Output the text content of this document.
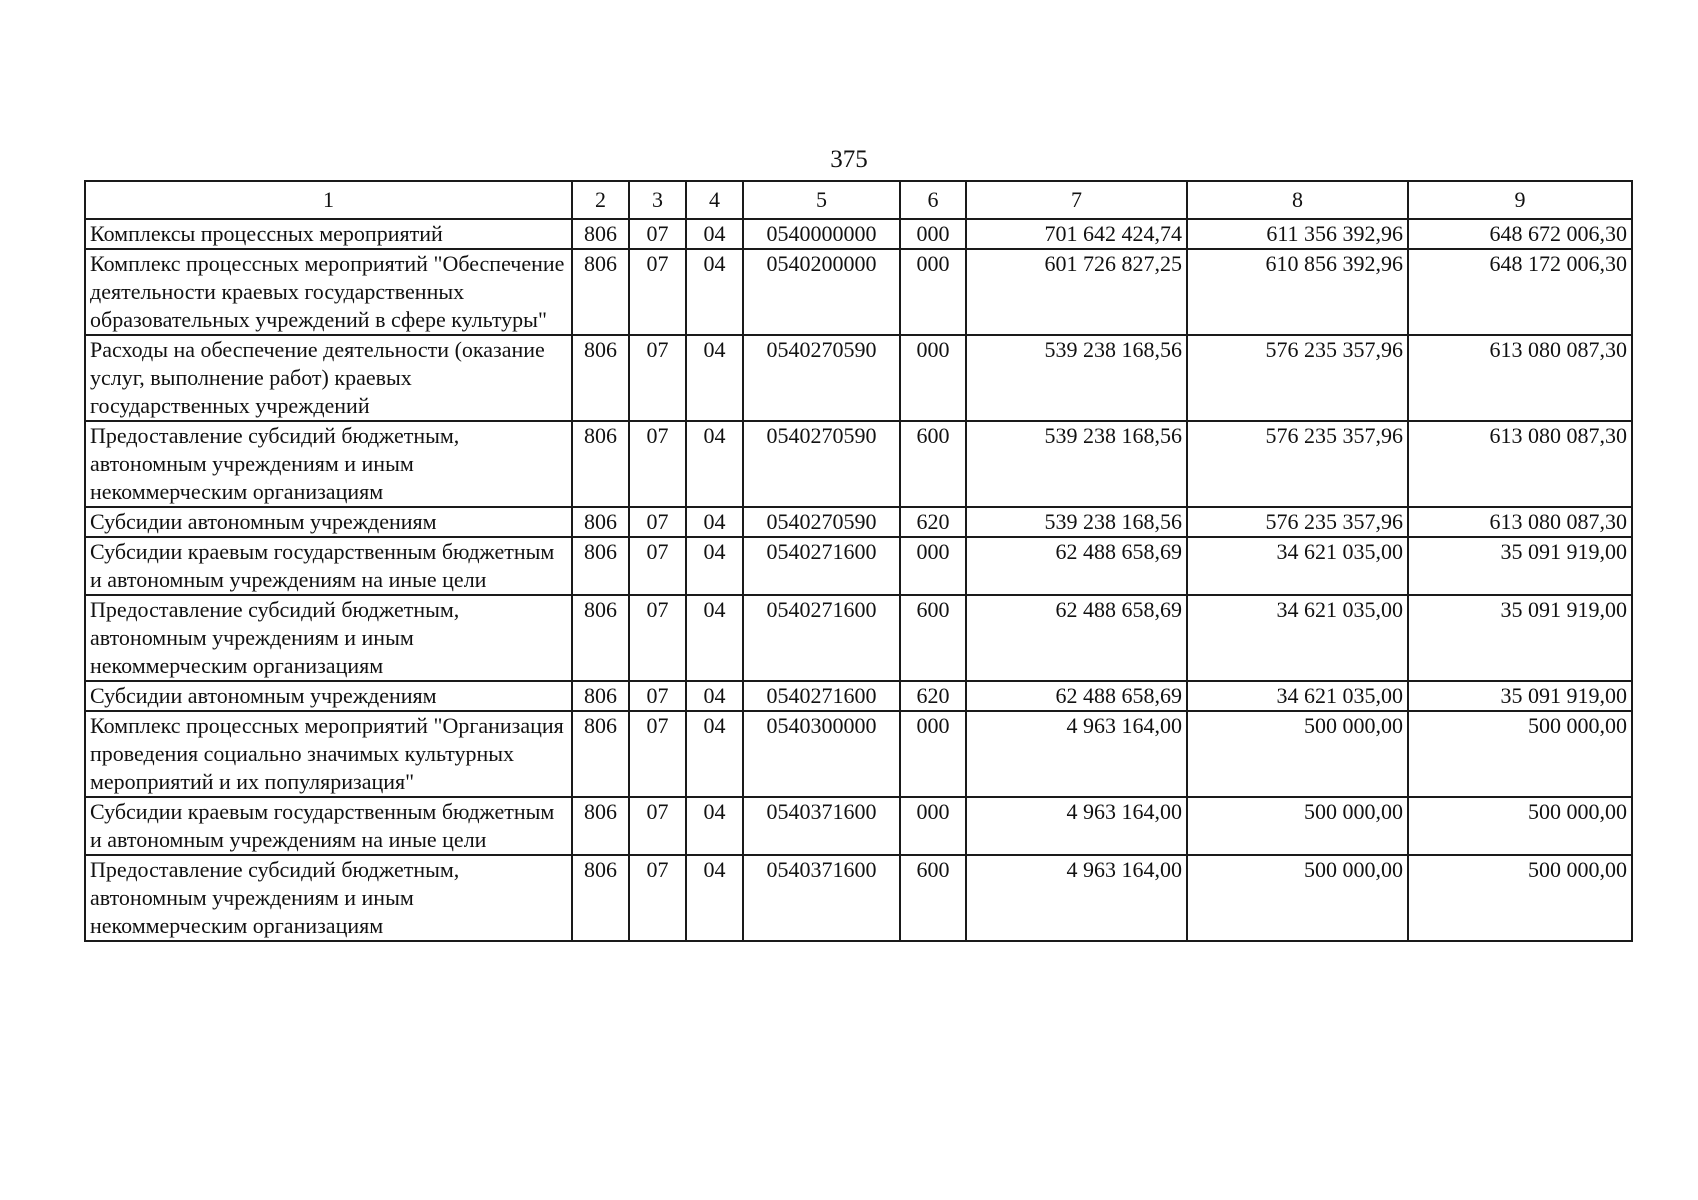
375
1	2	3	4	5	6	7	8	9
Комплексы процессных мероприятий	806	07	04	0540000000	000	701 642 424,74	611 356 392,96	648 672 006,30
Комплекс процессных мероприятий "Обеспечение деятельности краевых государственных образовательных учреждений в сфере культуры"	806	07	04	0540200000	000	601 726 827,25	610 856 392,96	648 172 006,30
Расходы на обеспечение деятельности (оказание услуг, выполнение работ) краевых государственных учреждений	806	07	04	0540270590	000	539 238 168,56	576 235 357,96	613 080 087,30
Предоставление субсидий бюджетным, автономным учреждениям и иным некоммерческим организациям	806	07	04	0540270590	600	539 238 168,56	576 235 357,96	613 080 087,30
Субсидии автономным учреждениям	806	07	04	0540270590	620	539 238 168,56	576 235 357,96	613 080 087,30
Субсидии краевым государственным бюджетным и автономным учреждениям на иные цели	806	07	04	0540271600	000	62 488 658,69	34 621 035,00	35 091 919,00
Предоставление субсидий бюджетным, автономным учреждениям и иным некоммерческим организациям	806	07	04	0540271600	600	62 488 658,69	34 621 035,00	35 091 919,00
Субсидии автономным учреждениям	806	07	04	0540271600	620	62 488 658,69	34 621 035,00	35 091 919,00
Комплекс процессных мероприятий "Организация проведения социально значимых культурных мероприятий и их популяризация"	806	07	04	0540300000	000	4 963 164,00	500 000,00	500 000,00
Субсидии краевым государственным бюджетным и автономным учреждениям на иные цели	806	07	04	0540371600	000	4 963 164,00	500 000,00	500 000,00
Предоставление субсидий бюджетным, автономным учреждениям и иным некоммерческим организациям	806	07	04	0540371600	600	4 963 164,00	500 000,00	500 000,00
